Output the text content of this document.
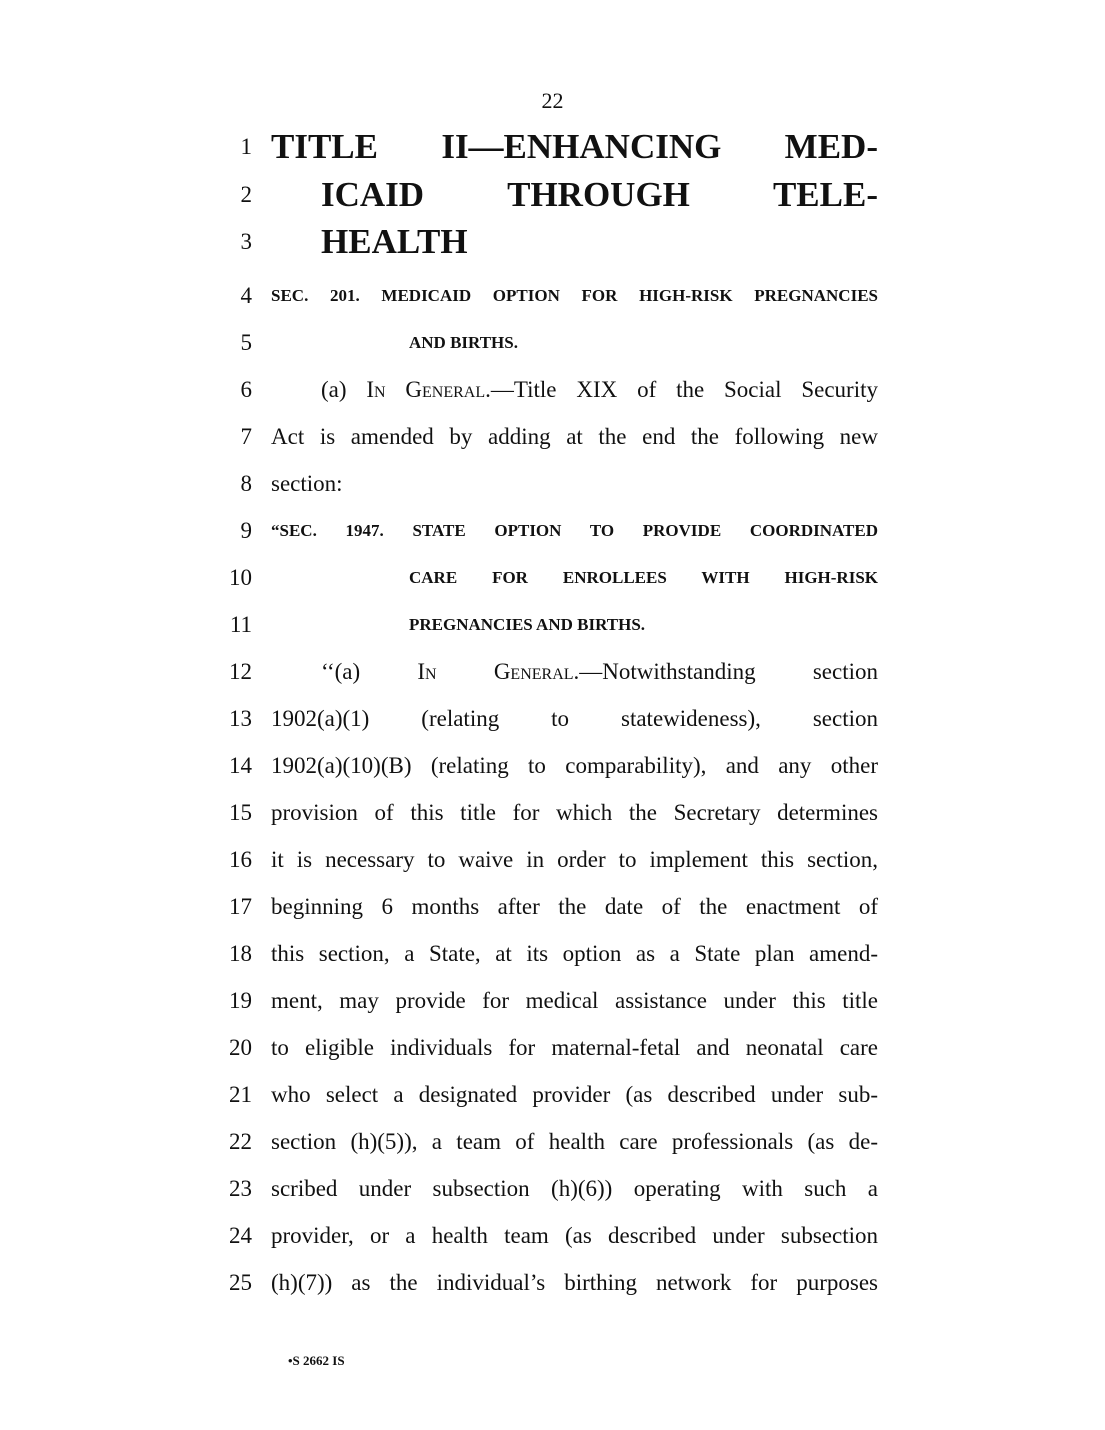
22
1 TITLE II—ENHANCING MED-
2 ICAID THROUGH TELE-
3 HEALTH
4 SEC. 201. MEDICAID OPTION FOR HIGH-RISK PREGNANCIES
5	AND BIRTHS.
6	(a) In General.—Title XIX of the Social Security
7 Act is amended by adding at the end the following new
8 section:
9 “SEC. 1947. STATE OPTION TO PROVIDE COORDINATED
10	CARE FOR ENROLLEES WITH HIGH-RISK
11	PREGNANCIES AND BIRTHS.
12	‘‘(a) In General.—Notwithstanding section
13 1902(a)(1) (relating to statewideness), section
14 1902(a)(10)(B) (relating to comparability), and any other
15 provision of this title for which the Secretary determines
16 it is necessary to waive in order to implement this section,
17 beginning 6 months after the date of the enactment of
18 this section, a State, at its option as a State plan amend-
19 ment, may provide for medical assistance under this title
20 to eligible individuals for maternal-fetal and neonatal care
21 who select a designated provider (as described under sub-
22 section (h)(5)), a team of health care professionals (as de-
23 scribed under subsection (h)(6)) operating with such a
24 provider, or a health team (as described under subsection
25 (h)(7)) as the individual’s birthing network for purposes
•S 2662 IS
